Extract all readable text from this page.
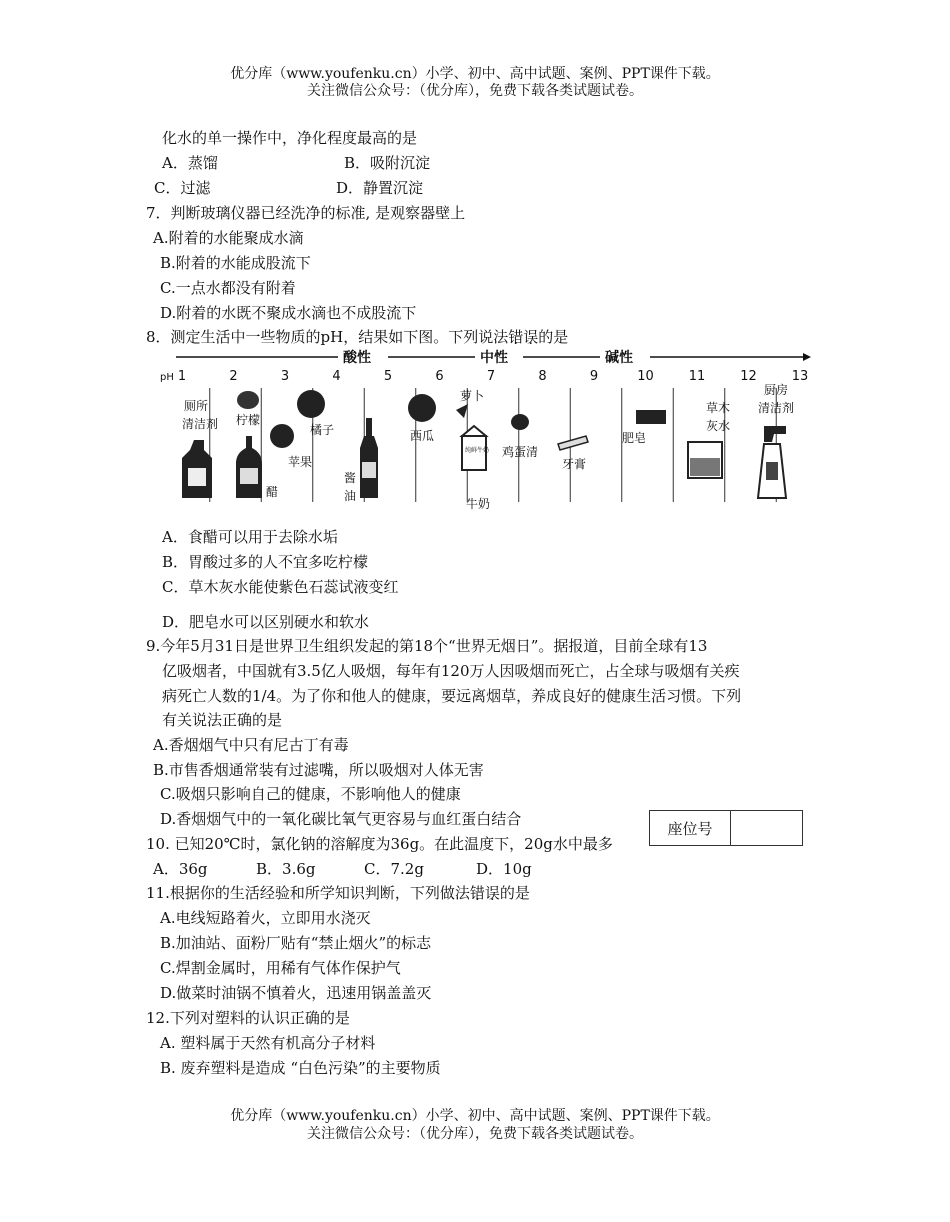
优分库（www.youfenku.cn）小学、初中、高中试题、案例、PPT课件下载。
关注微信公众号：（优分库），免费下载各类试题试卷。
化水的单一操作中，净化程度最高的是
A．蒸馏	B．吸附沉淀
C．过滤	D．静置沉淀
7．判断玻璃仪器已经洗净的标准, 是观察器壁上
A.附着的水能聚成水滴
B.附着的水能成股流下
C.一点水都没有附着
D.附着的水既不聚成水滴也不成股流下
8．测定生活中一些物质的pH，结果如下图。下列说法错误的是
酸性	中性	碱性
pH 1	2	3	4	5	6	7	8	9	10	11	12	13
厕所
清洁剂 柠檬
醋
苹果
橘子
酱
油
西瓜
萝卜
纯鲜牛奶
牛奶
鸡蛋清
牙膏
肥皂
草木
灰水
厨房
清洁剂
A．食醋可以用于去除水垢
B．胃酸过多的人不宜多吃柠檬
C．草木灰水能使紫色石蕊试液变红
D．肥皂水可以区别硬水和软水
9.今年5月31日是世界卫生组织发起的第18个“世界无烟日”。据报道，目前全球有13
亿吸烟者，中国就有3.5亿人吸烟，每年有120万人因吸烟而死亡，占全球与吸烟有关疾
病死亡人数的1/4。为了你和他人的健康，要远离烟草，养成良好的健康生活习惯。下列
有关说法正确的是
A.香烟烟气中只有尼古丁有毒
B.市售香烟通常装有过滤嘴，所以吸烟对人体无害
C.吸烟只影响自己的健康，不影响他人的健康
D.香烟烟气中的一氧化碳比氧气更容易与血红蛋白结合
座位号
10. 已知20℃时，氯化钠的溶解度为36g。在此温度下，20g水中最多
A．36g	B．3.6g	C．7.2g	D．10g
11.根据你的生活经验和所学知识判断，下列做法错误的是
A.电线短路着火，立即用水浇灭
B.加油站、面粉厂贴有“禁止烟火”的标志
C.焊割金属时，用稀有气体作保护气
D.做菜时油锅不慎着火，迅速用锅盖盖灭
12.下列对塑料的认识正确的是
A. 塑料属于天然有机高分子材料
B. 废弃塑料是造成 “白色污染”的主要物质
优分库（www.youfenku.cn）小学、初中、高中试题、案例、PPT课件下载。
关注微信公众号：（优分库），免费下载各类试题试卷。
